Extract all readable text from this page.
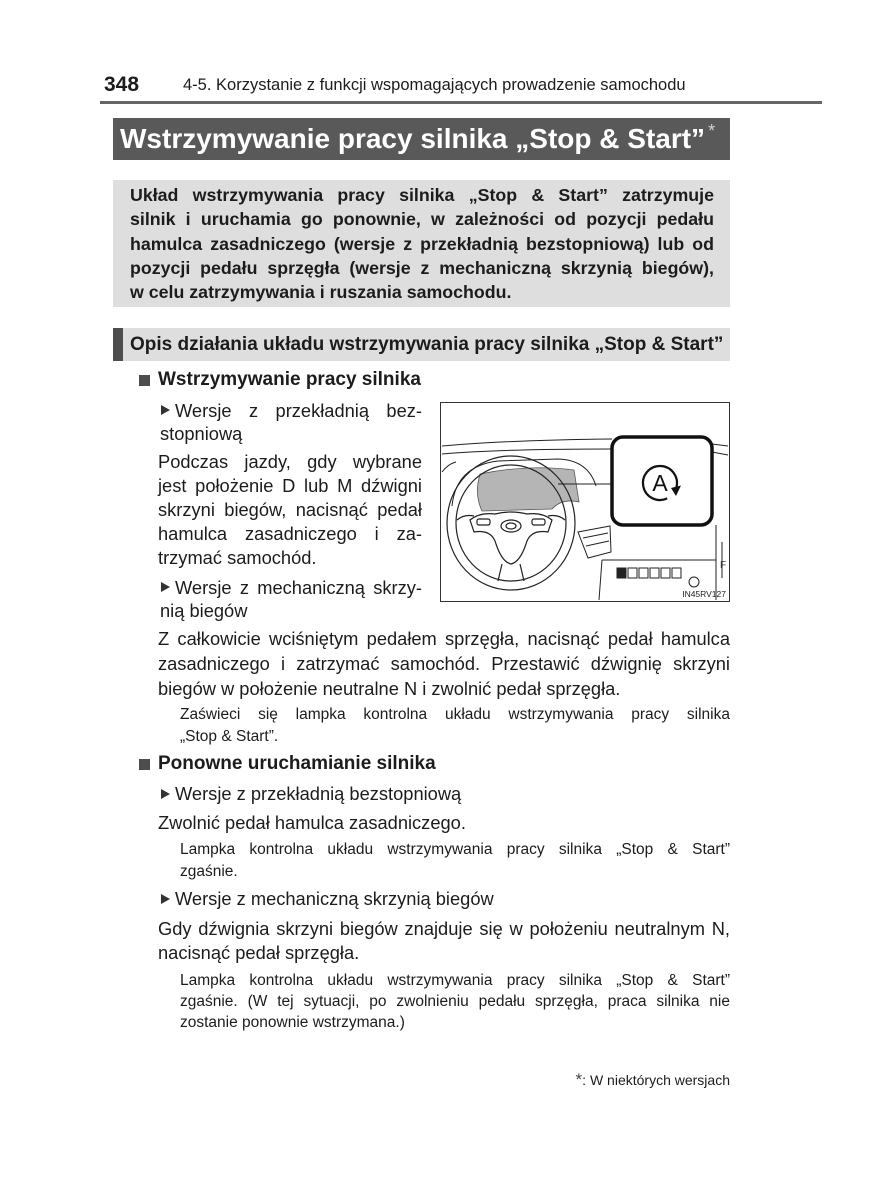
348	4-5. Korzystanie z funkcji wspomagających prowadzenie samochodu
Wstrzymywanie pracy silnika „Stop & Start” *
Układ wstrzymywania pracy silnika „Stop & Start” zatrzymuje
silnik i uruchamia go ponownie, w zależności od pozycji pedału
hamulca zasadniczego (wersje z przekładnią bezstopniową) lub od
pozycji pedału sprzęgła (wersje z mechaniczną skrzynią biegów),
w celu zatrzymywania i ruszania samochodu.
Opis działania układu wstrzymywania pracy silnika „Stop & Start”
Wstrzymywanie pracy silnika
Wersje z przekładnią bez-
stopniową
Podczas jazdy, gdy wybrane
jest położenie D lub M dźwigni
skrzyni biegów, nacisnąć pedał
hamulca zasadniczego i za-
trzymać samochód.
Wersje z mechaniczną skrzy-
nią biegów
Z całkowicie wciśniętym pedałem sprzęgła, nacisnąć pedał hamulca
zasadniczego i zatrzymać samochód. Przestawić dźwignię skrzyni
biegów w położenie neutralne N i zwolnić pedał sprzęgła.
Zaświeci się lampka kontrolna układu wstrzymywania pracy silnika
„Stop & Start”.
Ponowne uruchamianie silnika
Wersje z przekładnią bezstopniową
Zwolnić pedał hamulca zasadniczego.
Lampka kontrolna układu wstrzymywania pracy silnika „Stop & Start”
zgaśnie.
Wersje z mechaniczną skrzynią biegów
Gdy dźwignia skrzyni biegów znajduje się w położeniu neutralnym N,
nacisnąć pedał sprzęgła.
Lampka kontrolna układu wstrzymywania pracy silnika „Stop & Start”
zgaśnie. (W tej sytuacji, po zwolnieniu pedału sprzęgła, praca silnika nie
zostanie ponownie wstrzymana.)
*: W niektórych wersjach
F
A
IN45RV127
